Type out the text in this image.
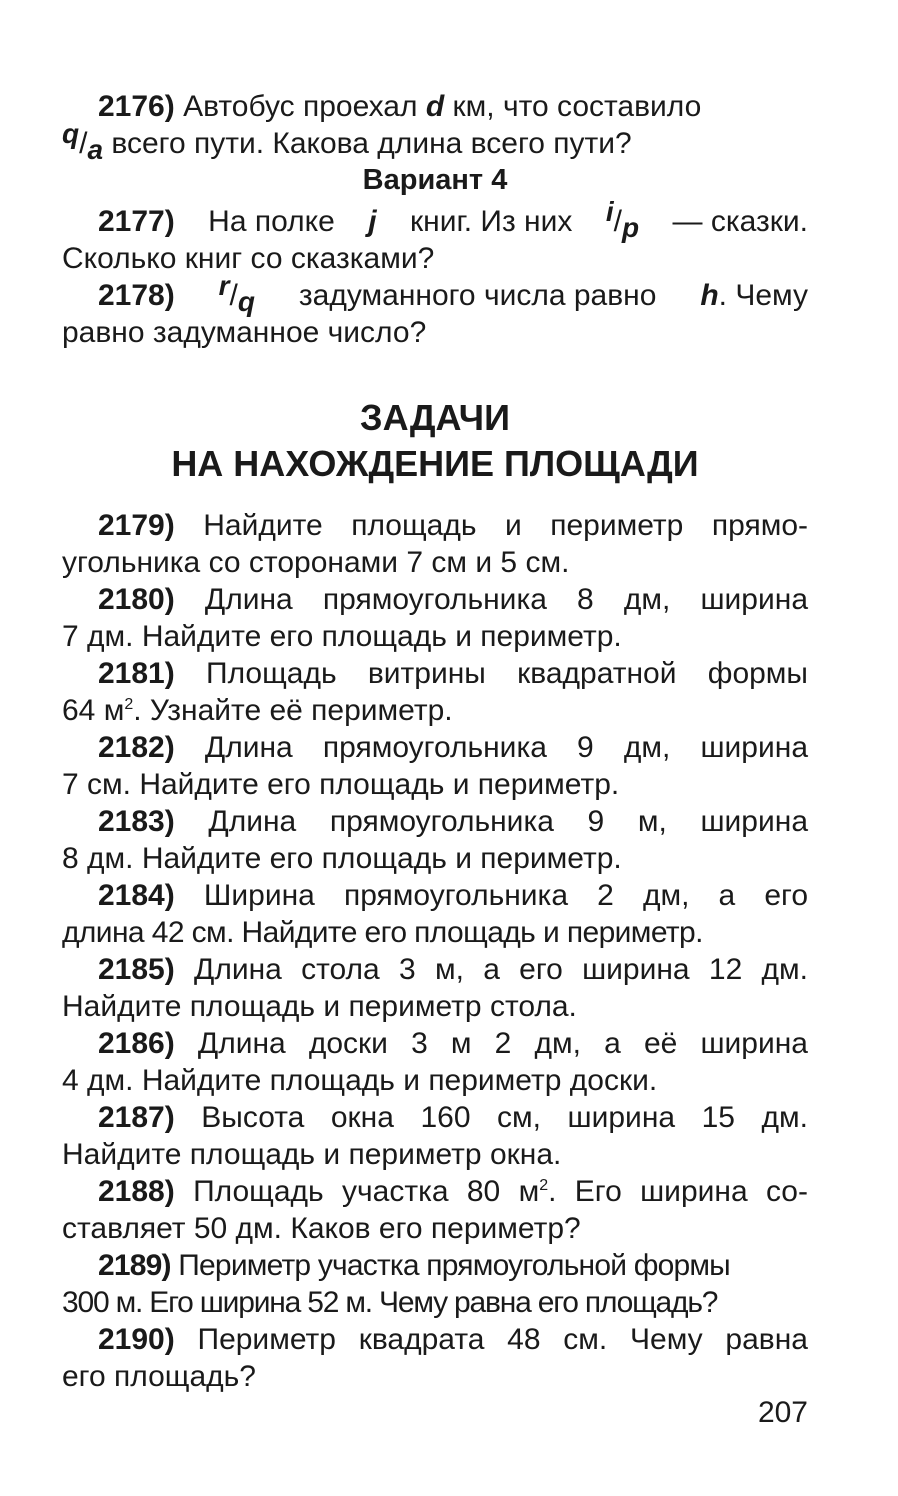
2176) Автобус проехал d км, что составило
q/a всего пути. Какова длина всего пути?
Вариант 4
2177) На полке j книг. Из них i/p — сказки.
Сколько книг со сказками?
2178) r/q задуманного числа равно h. Чему
равно задуманное число?
ЗАДАЧИ
НА НАХОЖДЕНИЕ ПЛОЩАДИ
2179) Найдите площадь и периметр прямо-
угольника со сторонами 7 см и 5 см.
2180) Длина прямоугольника 8 дм, ширина
7 дм. Найдите его площадь и периметр.
2181) Площадь витрины квадратной формы
64 $м^2$. Узнайте её периметр.
2182) Длина прямоугольника 9 дм, ширина
7 см. Найдите его площадь и периметр.
2183) Длина прямоугольника 9 м, ширина
8 дм. Найдите его площадь и периметр.
2184) Ширина прямоугольника 2 дм, а его
длина 42 см. Найдите его площадь и периметр.
2185) Длина стола 3 м, а его ширина 12 дм.
Найдите площадь и периметр стола.
2186) Длина доски 3 м 2 дм, а её ширина
4 дм. Найдите площадь и периметр доски.
2187) Высота окна 160 см, ширина 15 дм.
Найдите площадь и периметр окна.
2188) Площадь участка 80 $м^2$. Его ширина со-
ставляет 50 дм. Каков его периметр?
2189) Периметр участка прямоугольной формы
300 м. Его ширина 52 м. Чему равна его площадь?
2190) Периметр квадрата 48 см. Чему равна
его площадь?
207
